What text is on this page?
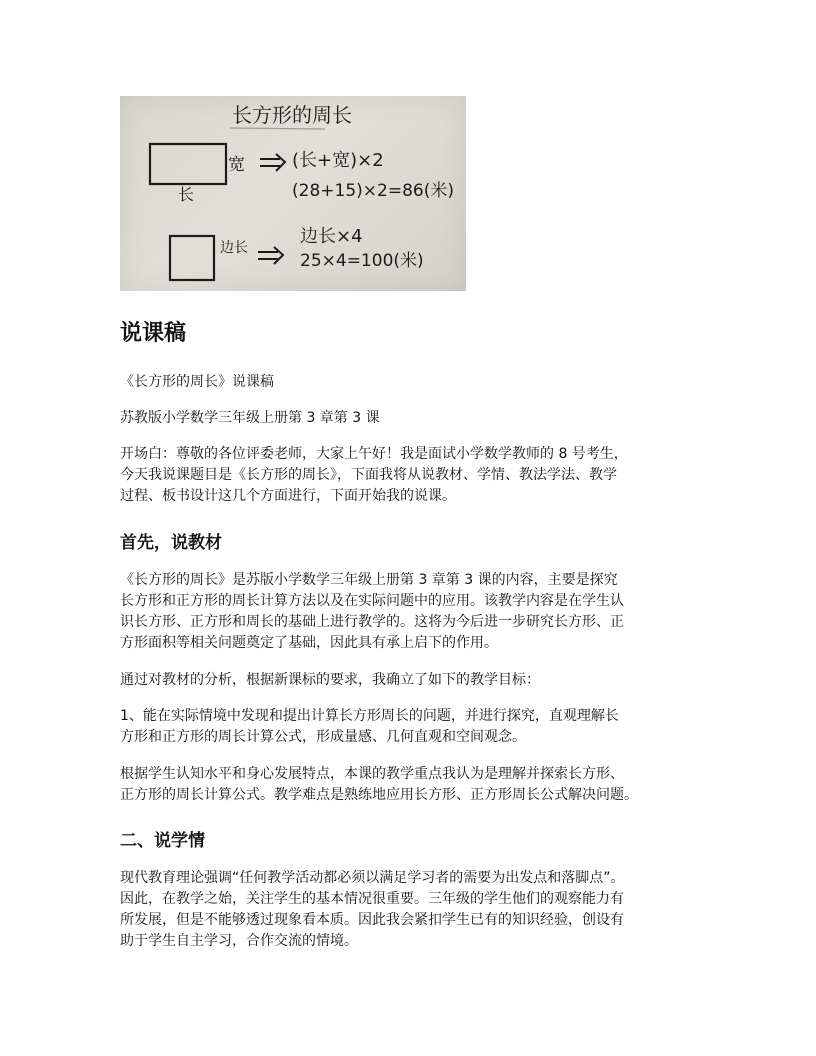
长方形的周长
宽
长
(长+宽)×2
(28+15)×2=86(米)
边长
边长×4
25×4=100(米)
说课稿

《长方形的周长》说课稿

苏教版小学数学三年级上册第 3 章第 3 课

开场白：尊敬的各位评委老师，大家上午好！我是面试小学数学教师的 8 号考生，
今天我说课题目是《长方形的周长》，下面我将从说教材、学情、教法学法、教学
过程、板书设计这几个方面进行，下面开始我的说课。

首先，说教材

《长方形的周长》是苏版小学数学三年级上册第 3 章第 3 课的内容，主要是探究
长方形和正方形的周长计算方法以及在实际问题中的应用。该教学内容是在学生认
识长方形、正方形和周长的基础上进行教学的。这将为今后进一步研究长方形、正
方形面积等相关问题奠定了基础，因此具有承上启下的作用。

通过对教材的分析，根据新课标的要求，我确立了如下的教学目标：

1、能在实际情境中发现和提出计算长方形周长的问题，并进行探究，直观理解长
方形和正方形的周长计算公式，形成量感、几何直观和空间观念。

根据学生认知水平和身心发展特点，本课的教学重点我认为是理解并探索长方形、
正方形的周长计算公式。教学难点是熟练地应用长方形、正方形周长公式解决问题。

二、说学情

现代教育理论强调“任何教学活动都必须以满足学习者的需要为出发点和落脚点”。
因此，在教学之始，关注学生的基本情况很重要。三年级的学生他们的观察能力有
所发展，但是不能够透过现象看本质。因此我会紧扣学生已有的知识经验，创设有
助于学生自主学习，合作交流的情境。
